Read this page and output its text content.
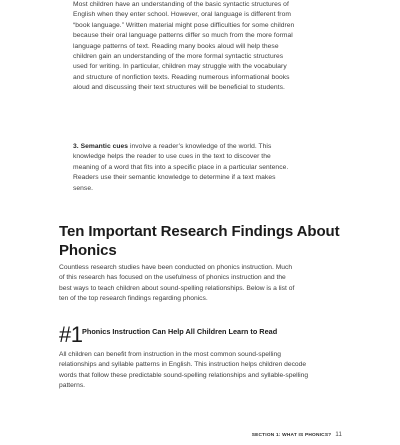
Most children have an understanding of the basic syntactic structures of English when they enter school. However, oral language is different from “book language.” Written material might pose difficulties for some children because their oral language patterns differ so much from the more formal language patterns of text. Reading many books aloud will help these children gain an understanding of the more formal syntactic structures used for writing. In particular, children may struggle with the vocabulary and structure of nonfiction texts. Reading numerous informational books aloud and discussing their text structures will be beneficial to students.

3. Semantic cues involve a reader’s knowledge of the world. This knowledge helps the reader to use cues in the text to discover the meaning of a word that fits into a specific place in a particular sentence. Readers use their semantic knowledge to determine if a text makes sense.

Ten Important Research Findings About Phonics

Countless research studies have been conducted on phonics instruction. Much of this research has focused on the usefulness of phonics instruction and the best ways to teach children about sound-spelling relationships. Below is a list of ten of the top research findings regarding phonics.

#1 Phonics Instruction Can Help All Children Learn to Read

All children can benefit from instruction in the most common sound-spelling relationships and syllable patterns in English. This instruction helps children decode words that follow these predictable sound-spelling relationships and syllable-spelling patterns.

SECTION 1: WHAT IS PHONICS? 11
